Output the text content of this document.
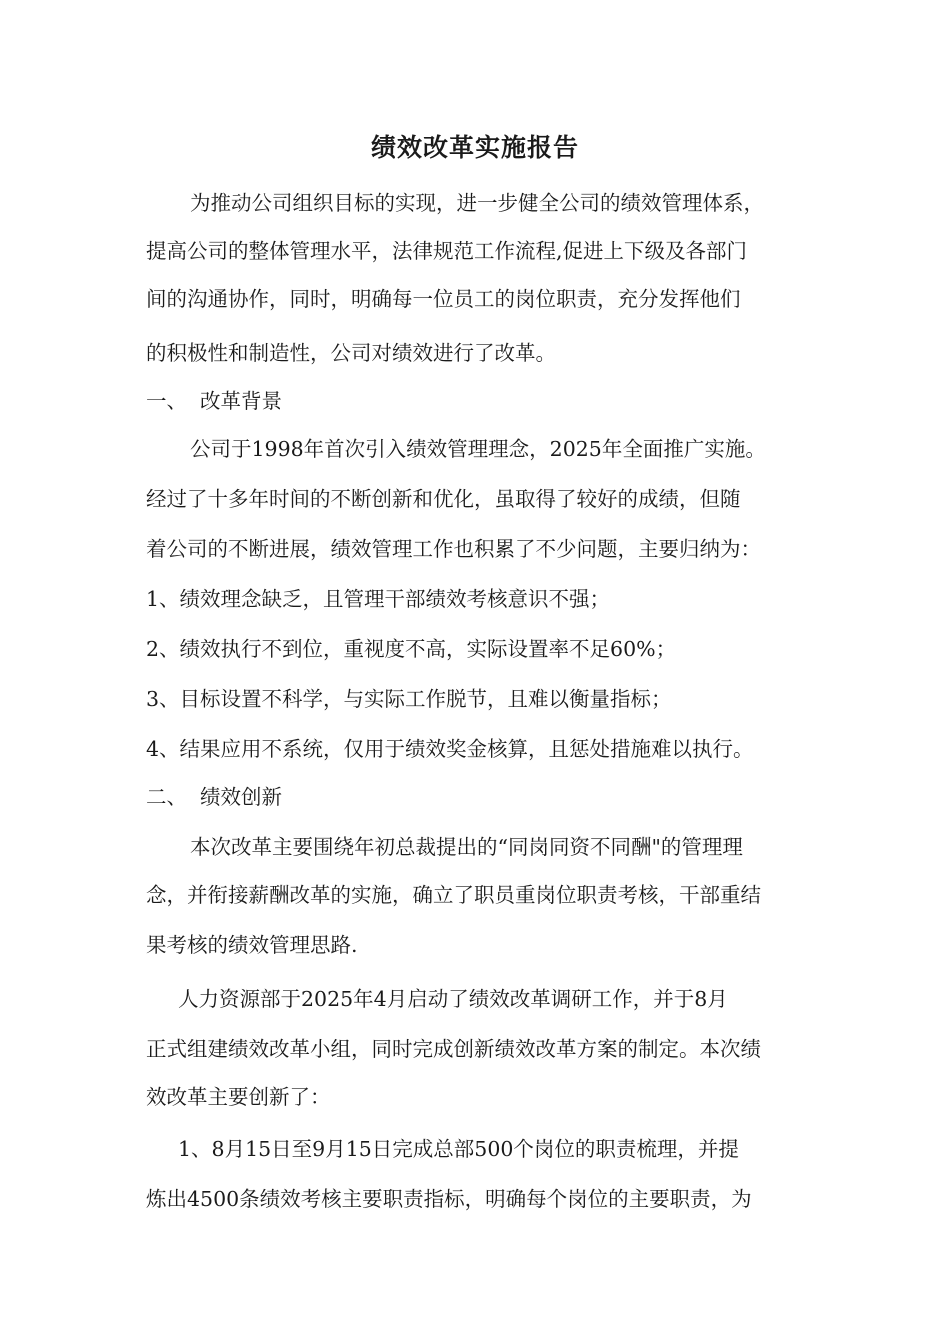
绩效改革实施报告
为推动公司组织目标的实现，进一步健全公司的绩效管理体系，
提高公司的整体管理水平，法律规范工作流程,促进上下级及各部门
间的沟通协作，同时，明确每一位员工的岗位职责，充分发挥他们
的积极性和制造性，公司对绩效进行了改革。
一、  改革背景
公司于1998年首次引入绩效管理理念，2025年全面推广实施。
经过了十多年时间的不断创新和优化，虽取得了较好的成绩，但随
着公司的不断进展，绩效管理工作也积累了不少问题，主要归纳为：
1、绩效理念缺乏，且管理干部绩效考核意识不强；
2、绩效执行不到位，重视度不高，实际设置率不足60%；
3、目标设置不科学，与实际工作脱节，且难以衡量指标；
4、结果应用不系统，仅用于绩效奖金核算，且惩处措施难以执行。
二、  绩效创新
本次改革主要围绕年初总裁提出的“同岗同资不同酬"的管理理
念，并衔接薪酬改革的实施，确立了职员重岗位职责考核，干部重结
果考核的绩效管理思路.
人力资源部于2025年4月启动了绩效改革调研工作，并于8月
正式组建绩效改革小组，同时完成创新绩效改革方案的制定。本次绩
效改革主要创新了：
1、8月15日至9月15日完成总部500个岗位的职责梳理，并提
炼出4500条绩效考核主要职责指标，明确每个岗位的主要职责，为
